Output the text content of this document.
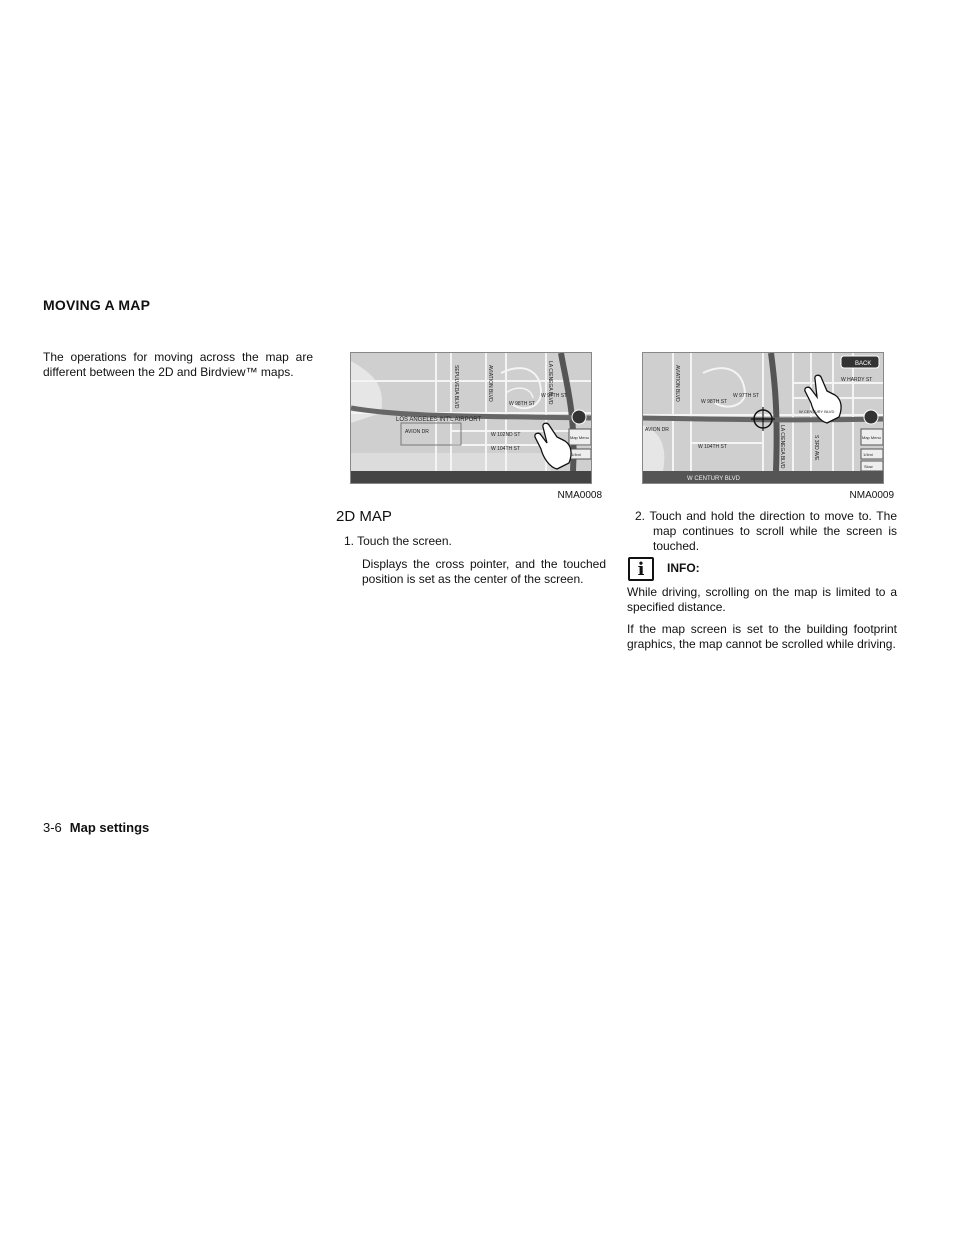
MOVING A MAP
The operations for moving across the map are different between the 2D and Birdview™ maps.
LOS ANGELES INT'L AIRPORT
AVION DR	W 102ND ST
W 104TH ST
W 98TH ST
W 97TH ST
SEPULVEDA BLVD	AVIATION BLVD	LA CIENEGA BLVD
Map Menu
1/4mi
NMA0008
BACK
W HARDY ST
W CENTURY BLVD
W CENTURY BLVD
AVION DR
W 104TH ST
W 98TH ST
W 97TH ST
AVIATION BLVD
LA CIENEGA BLVD	S 3RD AVE	Map Menu
1/4mi
Slow
NMA0009
2D MAP
1. Touch the screen.
Displays the cross pointer, and the touched position is set as the center of the screen.
2. Touch and hold the direction to move to. The map continues to scroll while the screen is touched.
i	INFO:
While driving, scrolling on the map is limited to a specified distance.
If the map screen is set to the building footprint graphics, the map cannot be scrolled while driving.
3-6 Map settings
